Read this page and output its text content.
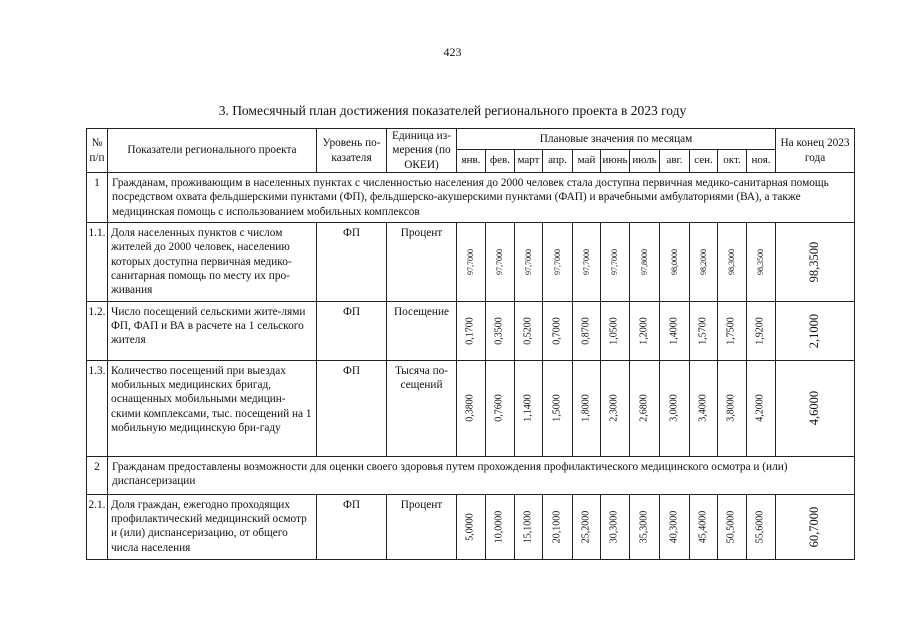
423
3. Помесячный план достижения показателей регионального проекта в 2023 году
№ п/п	Показатели регионального проекта	Уровень по-казателя	Единица из-мерения (по ОКЕИ)	Плановые значения по месяцам											На конец 2023 года
				янв.	фев.	март	апр.	май	июнь	июль	авг.	сен.	окт.	ноя.	
1	Гражданам, проживающим в населенных пунктах с численностью населения до 2000 человек стала доступна первичная медико-санитарная помощь посредством охвата фельдшерскими пунктами (ФП), фельдшерско-акушерскими пунктами (ФАП) и врачебными амбулаториями (ВА), а также медицинская помощь с использованием мобильных комплексов														
1.1.	Доля населенных пунктов с числом жителей до 2000 человек, населению которых доступна первичная медико-санитарная помощь по месту их про-живания	ФП	Процент	97,7000	97,7000	97,7000	97,7000	97,7000	97,7000	97,8000	98,0000	98,2000	98,3000	98,3500	98,3500

1.2.	Число посещений сельскими жите-лями ФП, ФАП и ВА в расчете на 1 сельского жителя	ФП	Посещение	0,1700	0,3500	0,5200	0,7000	0,8700	1,0500	1,2000	1,4000	1,5700	1,7500	1,9200	2,1000

1.3.	Количество посещений при выездах мобильных медицинских бригад, оснащенных мобильными медицин-скими комплексами, тыс. посещений на 1 мобильную медицинскую бри-гаду	ФП	Тысяча по-сещений	0,3800	0,7600	1,1400	1,5000	1,8000	2,3000	2,6800	3,0000	3,4000	3,8000	4,2000	4,6000

2	Гражданам предоставлены возможности для оценки своего здоровья путем прохождения профилактического медицинского осмотра и (или) диспансеризации														
2.1.	Доля граждан, ежегодно проходящих профилактический медицинский осмотр и (или) диспансеризацию, от общего числа населения	ФП	Процент	5,0000	10,0000	15,1000	20,1000	25,2000	30,3000	35,3000	40,3000	45,4000	50,5000	55,6000	60,7000
